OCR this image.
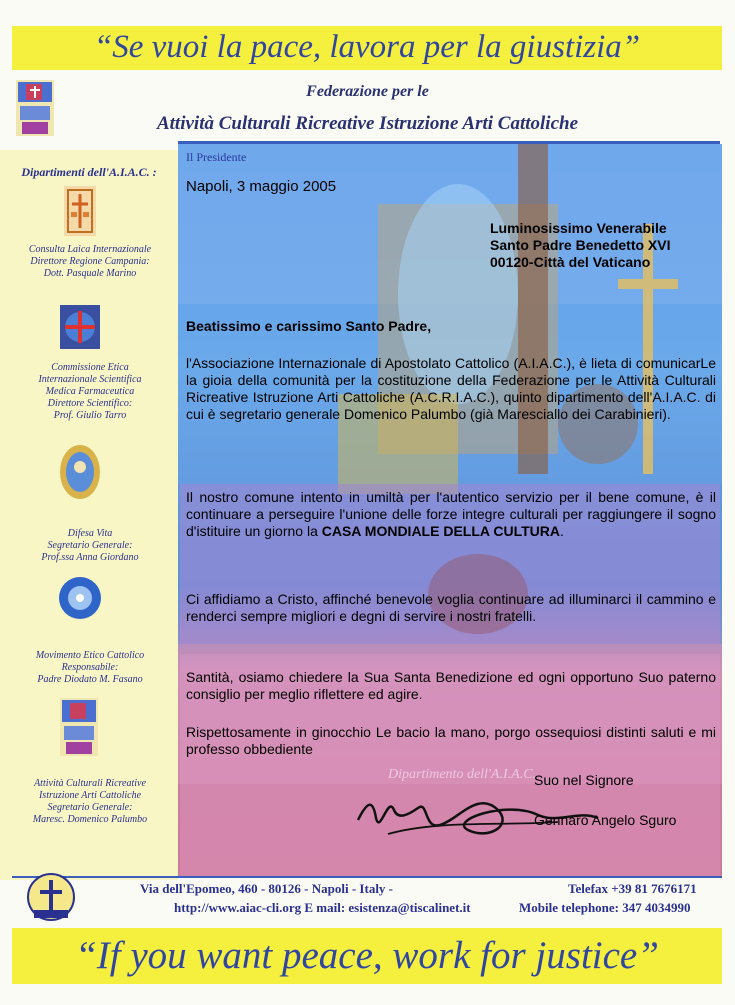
“Se vuoi la pace, lavora per la giustizia”
Federazione per le
Attività Culturali Ricreative Istruzione Arti Cattoliche
Dipartimenti dell'A.I.A.C. :
Consulta Laica Internazionale
Direttore Regione Campania:
Dott. Pasquale Marino
Commissione Etica
Internazionale Scientifica
Medica Farmaceutica
Direttore Scientifico:
Prof. Giulio Tarro
Difesa Vita
Segretario Generale:
Prof.ssa Anna Giordano
Movimento Etico Cattolico
Responsabile:
Padre Diodato M. Fasano
Attività Culturali Ricreative
Istruzione Arti Cattoliche
Segretario Generale:
Maresc. Domenico Palumbo
Il Presidente
Napoli, 3 maggio 2005
Luminosissimo Venerabile
Santo Padre Benedetto XVI
00120-Città del Vaticano
Beatissimo e carissimo Santo Padre,
l'Associazione Internazionale di Apostolato Cattolico (A.I.A.C.), è lieta di comunicarLe la gioia della comunità per la costituzione della Federazione per le Attività Culturali Ricreative Istruzione Arti Cattoliche (A.C.R.I.A.C.), quinto dipartimento dell'A.I.A.C. di cui è segretario generale Domenico Palumbo (già Maresciallo dei Carabinieri).
Il nostro comune intento in umiltà per l'autentico servizio per il bene comune, è il continuare a perseguire l'unione delle forze integre culturali per raggiungere il sogno d'istituire un giorno la CASA MONDIALE DELLA CULTURA.
Ci affidiamo a Cristo, affinché benevole voglia continuare ad illuminarci il cammino e renderci sempre migliori e degni di servire i nostri fratelli.
Santità, osiamo chiedere la Sua Santa Benedizione ed ogni opportuno Suo paterno consiglio per meglio riflettere ed agire.
Rispettosamente in ginocchio Le bacio la mano, porgo ossequiosi distinti saluti e mi professo obbediente
Dipartimento dell'A.I.A.C.
Suo nel Signore
Gennaro Angelo Sguro
Via dell'Epomeo, 460 - 80126 - Napoli - Italy -
http://www.aiac-cli.org E mail: esistenza@tiscalinet.it
Telefax +39 81 7676171
Mobile telephone: 347 4034990
“If you want peace, work for justice”
